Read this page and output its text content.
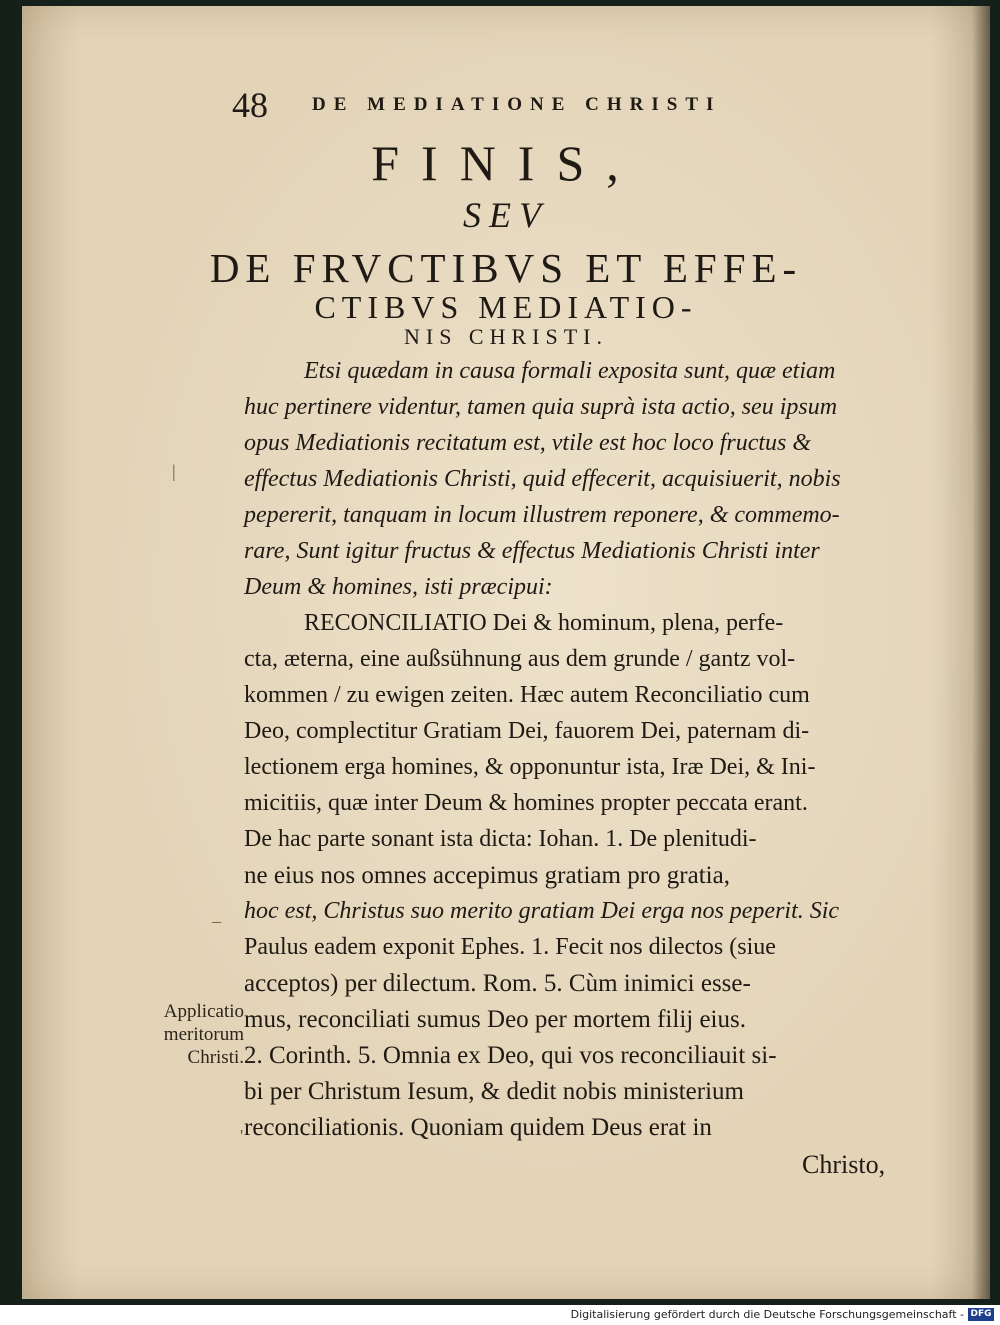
48 DE MEDIATIONE CHRISTI
FINIS,
SEV
DE FRVCTIBVS ET EFFE-
CTIBVS MEDIATIO-
NIS CHRISTI.
Etsi quædam in causa formali exposita sunt, quæ etiam
huc pertinere videntur, tamen quia suprà ista actio, seu ipsum
opus Mediationis recitatum est, vtile est hoc loco fructus &
effectus Mediationis Christi, quid effecerit, acquisiuerit, nobis
pepererit, tanquam in locum illustrem reponere, & commemo-
rare, Sunt igitur fructus & effectus Mediationis Christi inter
Deum & homines, isti præcipui:
RECONCILIATIO Dei & hominum, plena, perfe-
cta, æterna, eine außsühnung aus dem grunde / gantz vol-
kommen / zu ewigen zeiten. Hæc autem Reconciliatio cum
Deo, complectitur Gratiam Dei, fauorem Dei, paternam di-
lectionem erga homines, & opponuntur ista, Iræ Dei, & Ini-
micitiis, quæ inter Deum & homines propter peccata erant.
De hac parte sonant ista dicta: Iohan. 1. De plenitudi-
ne eius nos omnes accepimus gratiam pro gratia,
hoc est, Christus suo merito gratiam Dei erga nos peperit. Sic
Paulus eadem exponit Ephes. 1. Fecit nos dilectos (siue
acceptos) per dilectum. Rom. 5. Cùm inimici esse-
mus, reconciliati sumus Deo per mortem filij eius.
2. Corinth. 5. Omnia ex Deo, qui vos reconciliauit si-
bi per Christum Iesum, & dedit nobis ministerium
reconciliationis. Quoniam quidem Deus erat in
Christo,
Applicatio
meritorum
Christi.
|
–
'
Digitalisierung gefördert durch die Deutsche Forschungsgemeinschaft - DFG
